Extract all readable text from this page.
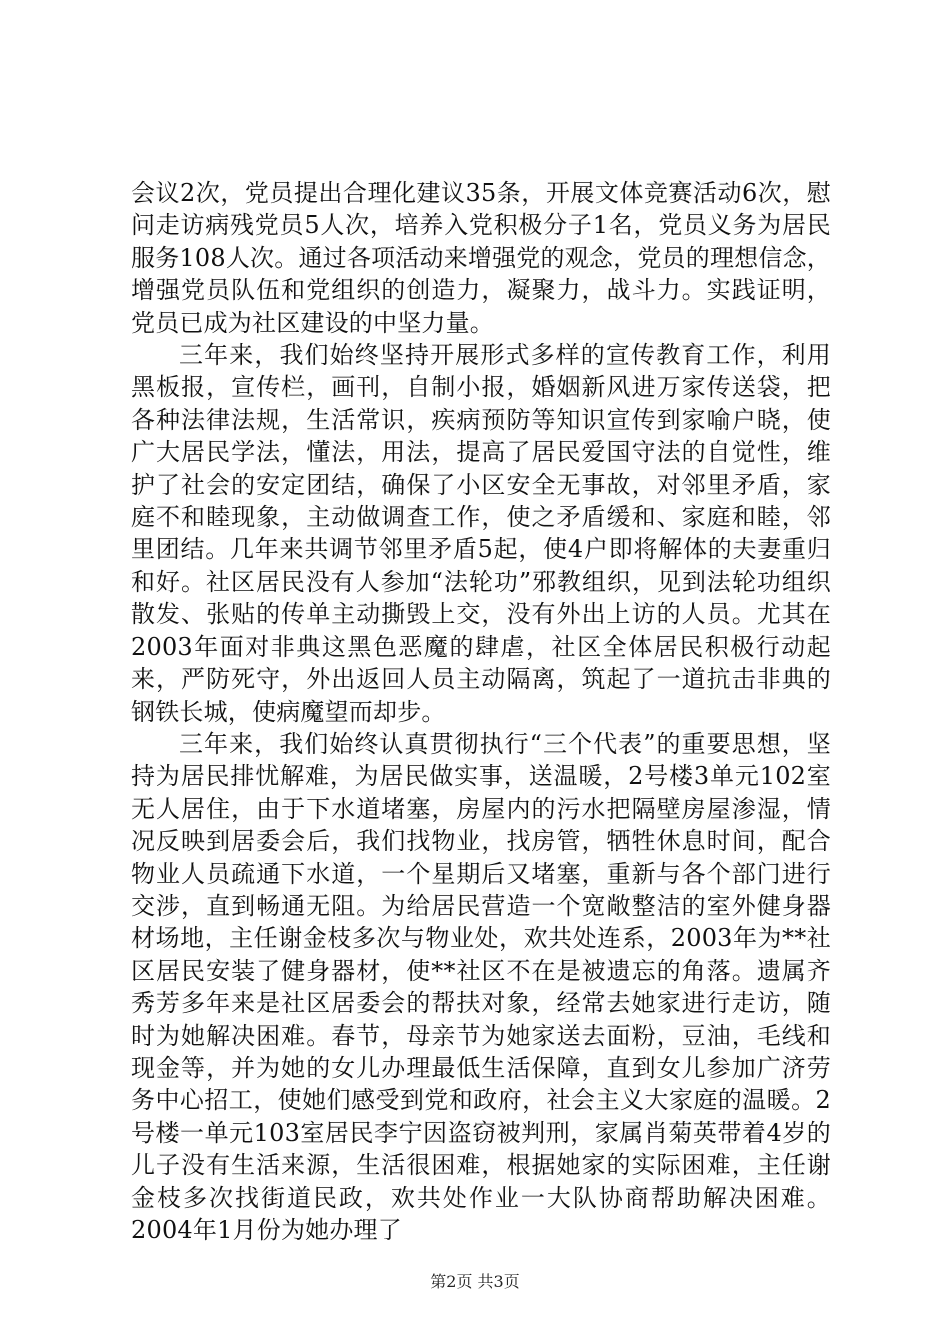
会议2次，党员提出合理化建议35条，开展文体竞赛活动6次，慰问走访病残党员5人次，培养入党积极分子1名，党员义务为居民服务108人次。通过各项活动来增强党的观念，党员的理想信念，增强党员队伍和党组织的创造力，凝聚力，战斗力。实践证明，党员已成为社区建设的中坚力量。

三年来，我们始终坚持开展形式多样的宣传教育工作，利用黑板报，宣传栏，画刊，自制小报，婚姻新风进万家传送袋，把各种法律法规，生活常识，疾病预防等知识宣传到家喻户晓，使广大居民学法，懂法，用法，提高了居民爱国守法的自觉性，维护了社会的安定团结，确保了小区安全无事故，对邻里矛盾，家庭不和睦现象，主动做调查工作，使之矛盾缓和、家庭和睦，邻里团结。几年来共调节邻里矛盾5起，使4户即将解体的夫妻重归和好。社区居民没有人参加“法轮功”邪教组织，见到法轮功组织散发、张贴的传单主动撕毁上交，没有外出上访的人员。尤其在2003年面对非典这黑色恶魔的肆虐，社区全体居民积极行动起来，严防死守，外出返回人员主动隔离，筑起了一道抗击非典的钢铁长城，使病魔望而却步。

三年来，我们始终认真贯彻执行“三个代表”的重要思想，坚持为居民排忧解难，为居民做实事，送温暖，2号楼3单元102室无人居住，由于下水道堵塞，房屋内的污水把隔壁房屋渗湿，情况反映到居委会后，我们找物业，找房管，牺牲休息时间，配合物业人员疏通下水道，一个星期后又堵塞，重新与各个部门进行交涉，直到畅通无阻。为给居民营造一个宽敞整洁的室外健身器材场地，主任谢金枝多次与物业处，欢共处连系，2003年为**社区居民安装了健身器材，使**社区不在是被遗忘的角落。遗属齐秀芳多年来是社区居委会的帮扶对象，经常去她家进行走访，随时为她解决困难。春节，母亲节为她家送去面粉，豆油，毛线和现金等，并为她的女儿办理最低生活保障，直到女儿参加广济劳务中心招工，使她们感受到党和政府，社会主义大家庭的温暖。2号楼一单元103室居民李宁因盗窃被判刑，家属肖菊英带着4岁的儿子没有生活来源，生活很困难，根据她家的实际困难，主任谢金枝多次找街道民政，欢共处作业一大队协商帮助解决困难。2004年1月份为她办理了

第2页 共3页
